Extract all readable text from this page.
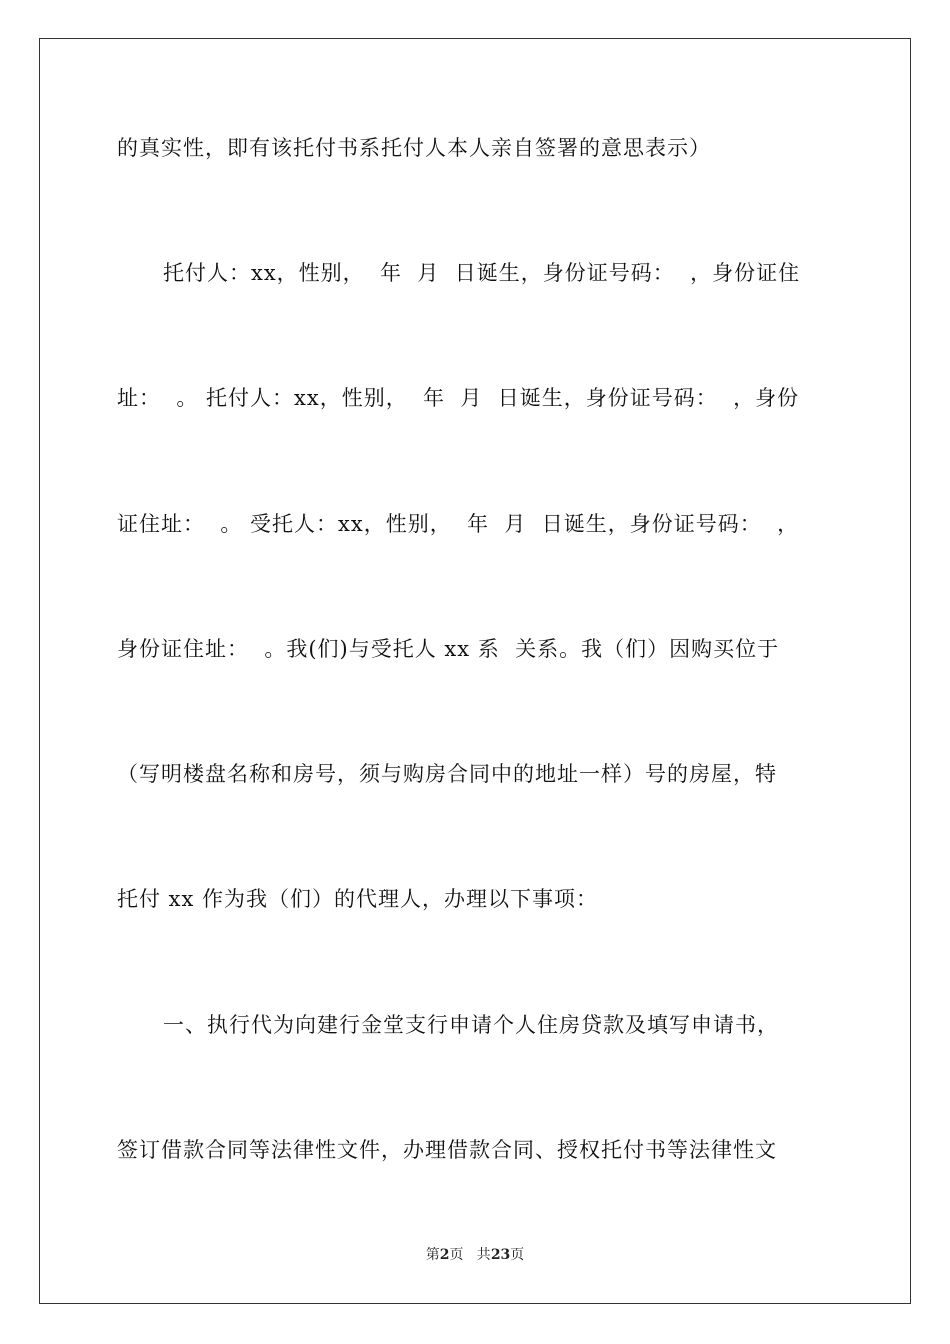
的真实性，即有该托付书系托付人本人亲自签署的意思表示）
托付人：xx，性别，  年  月  日诞生，身份证号码：  ，身份证住
址：  。 托付人：xx，性别，  年  月  日诞生，身份证号码：  ，身份
证住址：  。 受托人：xx，性别，  年  月  日诞生，身份证号码：  ，
身份证住址：  。我(们)与受托人 xx 系  关系。我（们）因购买位于
（写明楼盘名称和房号，须与购房合同中的地址一样）号的房屋，特
托付 xx 作为我（们）的代理人，办理以下事项：
一、执行代为向建行金堂支行申请个人住房贷款及填写申请书，
签订借款合同等法律性文件，办理借款合同、授权托付书等法律性文
第2页   共23页
